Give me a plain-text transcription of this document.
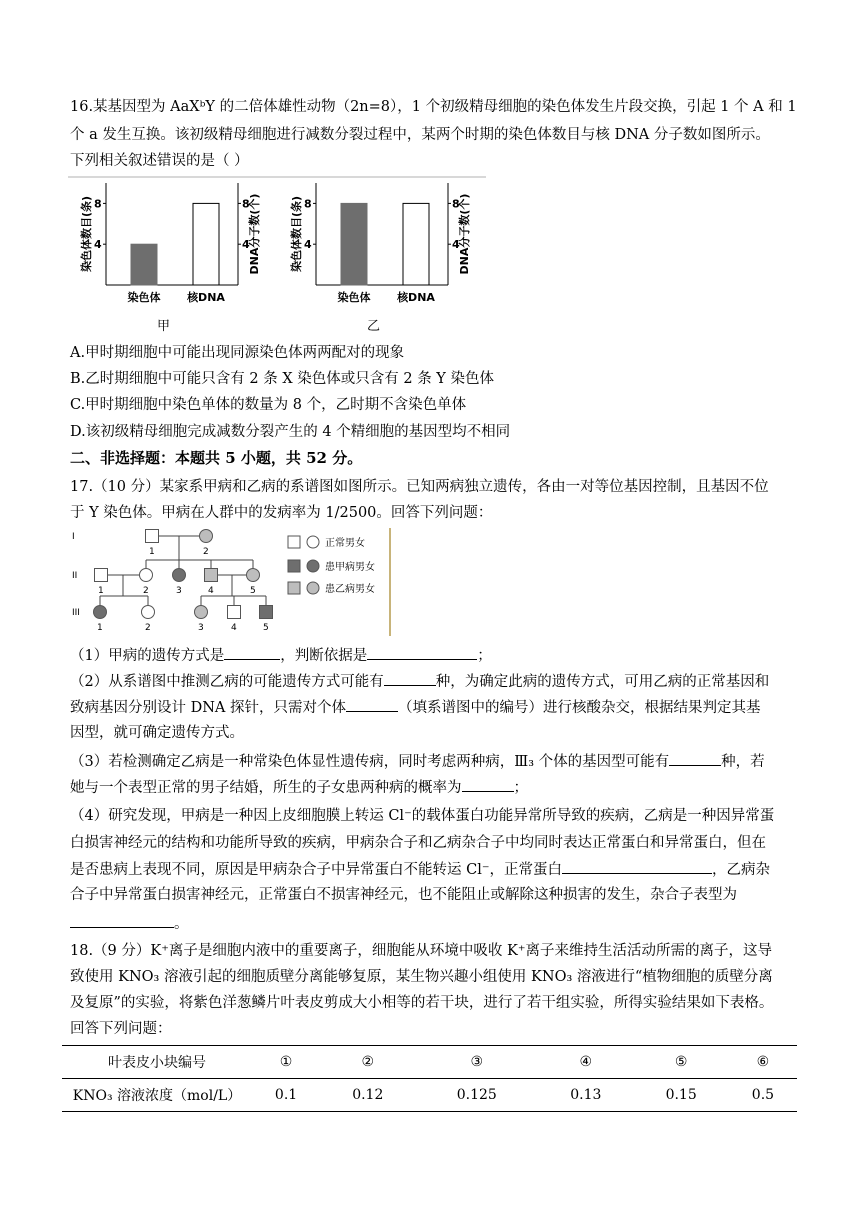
16.某基因型为 AaXᵇY 的二倍体雄性动物（2n=8），1 个初级精母细胞的染色体发生片段交换，引起 1 个 A 和 1
个 a 发生互换。该初级精母细胞进行减数分裂过程中，某两个时期的染色体数目与核 DNA 分子数如图所示。
下列相关叙述错误的是（ ）
4	4
8	8
染色体数目(条)	DNA分子数(个)
染色体 核DNA
甲
4	4
8	8
染色体数目(条)	DNA分子数(个)
染色体 核DNA
乙
A.甲时期细胞中可能出现同源染色体两两配对的现象
B.乙时期细胞中可能只含有 2 条 X 染色体或只含有 2 条 Y 染色体
C.甲时期细胞中染色单体的数量为 8 个，乙时期不含染色单体
D.该初级精母细胞完成减数分裂产生的 4 个精细胞的基因型均不相同
二、非选择题：本题共 5 小题，共 52 分。
17.（10 分）某家系甲病和乙病的系谱图如图所示。已知两病独立遗传，各由一对等位基因控制，且基因不位
于 Y 染色体。甲病在人群中的发病率为 1/2500。回答下列问题：
I
II
III
1	2
1	2	3	4	5
1	2	3	4	5
正常男女
患甲病男女
患乙病男女
（1）甲病的遗传方式是	，判断依据是	；
（2）从系谱图中推测乙病的可能遗传方式可能有	种，为确定此病的遗传方式，可用乙病的正常基因和
致病基因分别设计 DNA 探针，只需对个体	（填系谱图中的编号）进行核酸杂交，根据结果判定其基
因型，就可确定遗传方式。
（3）若检测确定乙病是一种常染色体显性遗传病，同时考虑两种病，Ⅲ₃ 个体的基因型可能有	种，若
她与一个表型正常的男子结婚，所生的子女患两种病的概率为	；
（4）研究发现，甲病是一种因上皮细胞膜上转运 Cl⁻的载体蛋白功能异常所导致的疾病，乙病是一种因异常蛋
白损害神经元的结构和功能所导致的疾病，甲病杂合子和乙病杂合子中均同时表达正常蛋白和异常蛋白，但在
是否患病上表现不同，原因是甲病杂合子中异常蛋白不能转运 Cl⁻，正常蛋白	，乙病杂
合子中异常蛋白损害神经元，正常蛋白不损害神经元，也不能阻止或解除这种损害的发生，杂合子表型为
。
18.（9 分）K⁺离子是细胞内液中的重要离子，细胞能从环境中吸收 K⁺离子来维持生活活动所需的离子，这导
致使用 KNO₃ 溶液引起的细胞质壁分离能够复原，某生物兴趣小组使用 KNO₃ 溶液进行“植物细胞的质壁分离
及复原”的实验，将紫色洋葱鳞片叶表皮剪成大小相等的若干块，进行了若干组实验，所得实验结果如下表格。
回答下列问题：
叶表皮小块编号	①	②	③	④	⑤	⑥
KNO₃ 溶液浓度（mol/L）	0.1	0.12	0.125	0.13	0.15	0.5
